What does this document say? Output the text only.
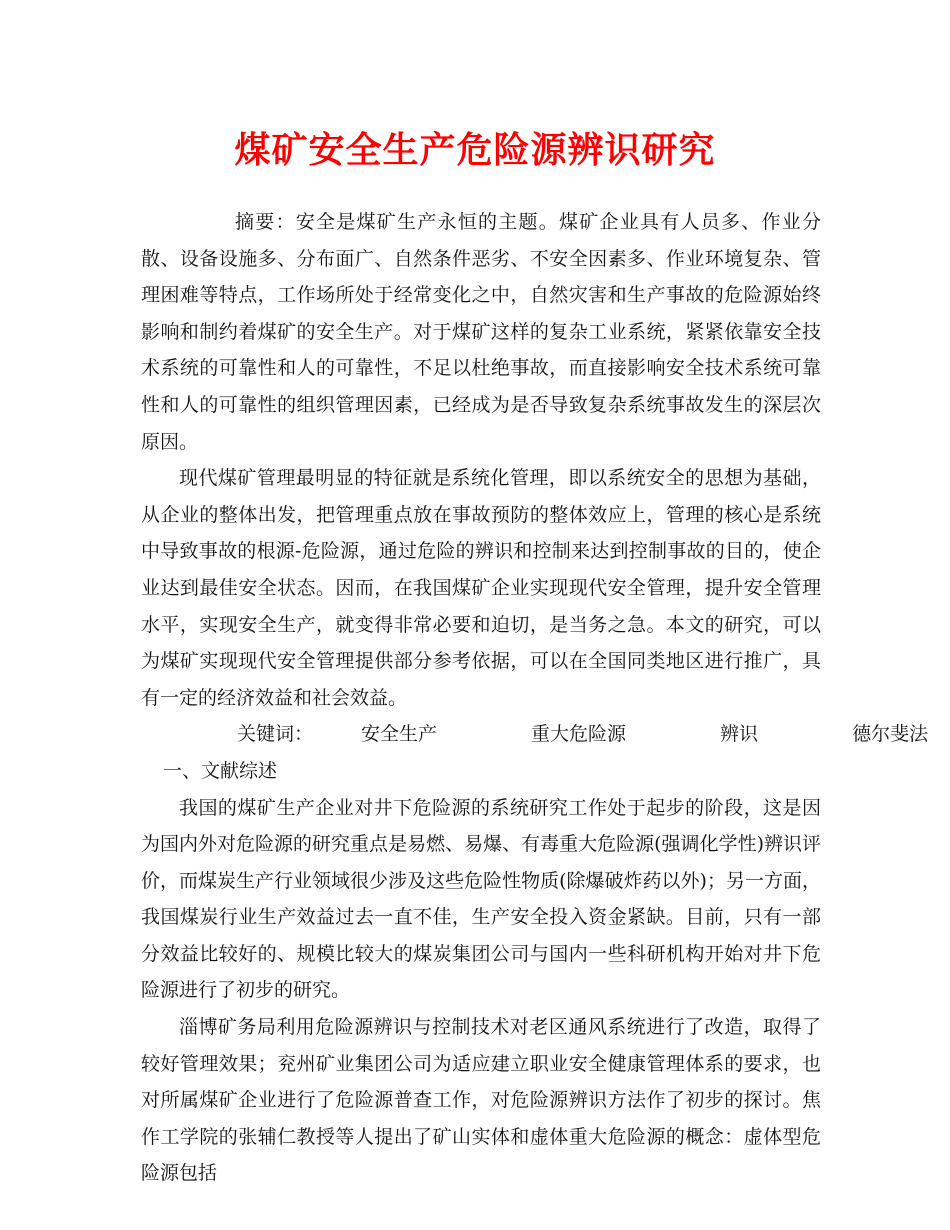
煤矿安全生产危险源辨识研究

摘要：安全是煤矿生产永恒的主题。煤矿企业具有人员多、作业分散、设备设施多、分布面广、自然条件恶劣、不安全因素多、作业环境复杂、管理困难等特点，工作场所处于经常变化之中，自然灾害和生产事故的危险源始终影响和制约着煤矿的安全生产。对于煤矿这样的复杂工业系统，紧紧依靠安全技术系统的可靠性和人的可靠性，不足以杜绝事故，而直接影响安全技术系统可靠性和人的可靠性的组织管理因素，已经成为是否导致复杂系统事故发生的深层次原因。

现代煤矿管理最明显的特征就是系统化管理，即以系统安全的思想为基础，从企业的整体出发，把管理重点放在事故预防的整体效应上，管理的核心是系统中导致事故的根源-危险源，通过危险的辨识和控制来达到控制事故的目的，使企业达到最佳安全状态。因而，在我国煤矿企业实现现代安全管理，提升安全管理水平，实现安全生产，就变得非常必要和迫切，是当务之急。本文的研究，可以为煤矿实现现代安全管理提供部分参考依据，可以在全国同类地区进行推广，具有一定的经济效益和社会效益。

关键词：	安全生产	重大危险源	辨识	德尔斐法

一、文献综述

我国的煤矿生产企业对井下危险源的系统研究工作处于起步的阶段，这是因为国内外对危险源的研究重点是易燃、易爆、有毒重大危险源(强调化学性)辨识评价，而煤炭生产行业领域很少涉及这些危险性物质(除爆破炸药以外)；另一方面，我国煤炭行业生产效益过去一直不佳，生产安全投入资金紧缺。目前，只有一部分效益比较好的、规模比较大的煤炭集团公司与国内一些科研机构开始对井下危险源进行了初步的研究。

淄博矿务局利用危险源辨识与控制技术对老区通风系统进行了改造，取得了较好管理效果；兖州矿业集团公司为适应建立职业安全健康管理体系的要求，也对所属煤矿企业进行了危险源普查工作，对危险源辨识方法作了初步的探讨。焦作工学院的张辅仁教授等人提出了矿山实体和虚体重大危险源的概念：虚体型危险源包括
